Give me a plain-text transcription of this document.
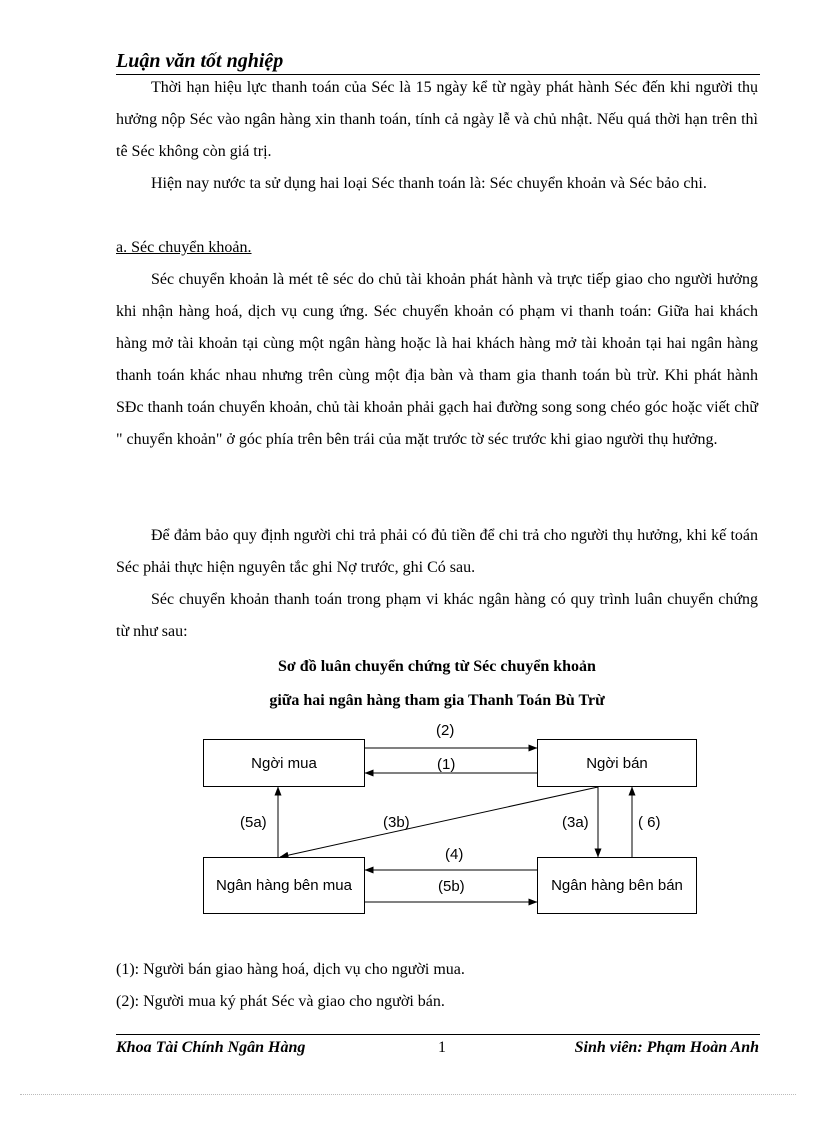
Luận văn tốt nghiệp

Thời hạn hiệu lực thanh toán của Séc là 15 ngày kể từ ngày phát hành Séc đến khi người thụ hưởng nộp Séc vào ngân hàng xin thanh toán, tính cả ngày lễ và chủ nhật. Nếu quá thời hạn trên thì tê Séc không còn giá trị.

Hiện nay nước ta sử dụng hai loại Séc thanh toán là: Séc chuyển khoản và Séc bảo chi.

a. Séc chuyển khoản.

Séc chuyển khoản là mét tê séc do chủ tài khoản phát hành và trực tiếp giao cho người hưởng khi nhận hàng hoá, dịch vụ cung ứng. Séc chuyển khoản có phạm vi thanh toán: Giữa hai khách hàng mở tài khoản tại cùng một ngân hàng hoặc là hai khách hàng mở tài khoản tại hai ngân hàng thanh toán khác nhau nhưng trên cùng một địa bàn và tham gia thanh toán bù trừ. Khi phát hành SĐc thanh toán chuyển khoản, chủ tài khoản phải gạch hai đường song song chéo góc hoặc viết chữ " chuyển khoản" ở góc phía trên bên trái của mặt trước tờ séc trước khi giao người thụ hưởng.

Để đảm bảo quy định người chi trả phải có đủ tiền để chi trả cho người thụ hưởng, khi kế toán Séc phải thực hiện nguyên tắc ghi Nợ trước, ghi Có sau.

Séc chuyển khoản thanh toán trong phạm vi khác ngân hàng có quy trình luân chuyển chứng từ như sau:

Sơ đồ luân chuyển chứng từ Séc chuyển khoản
giữa hai ngân hàng tham gia Thanh Toán Bù Trừ
Ngời mua	Ngời bán
Ngân hàng bên mua	Ngân hàng bên bán
(2)
(1)
(5a)	(3b)	(3a)	( 6)
(4)
(5b)

(1): Người bán giao hàng hoá, dịch vụ cho người mua.

(2): Người mua ký phát Séc và giao cho người bán.

Khoa Tài Chính Ngân Hàng	1	Sinh viên: Phạm Hoàn Anh
